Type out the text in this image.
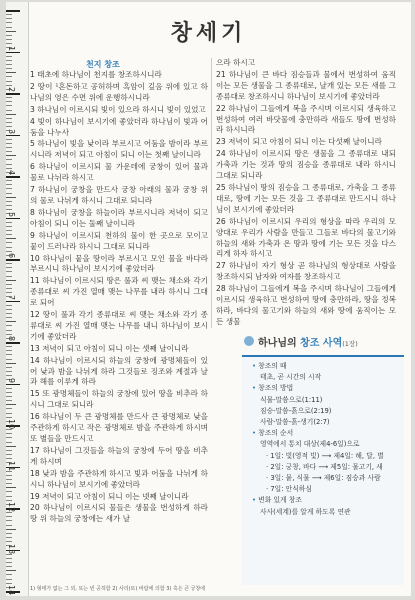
1
2
3
4
5
6
7
8
9
10
11
12
13
14
창세기
천지 창조

1 태초에 하나님이 천지를 창조하시니라

2 땅이 ¹혼돈하고 공허하며 흑암이 깊음 위에 있고 하나님의 영은 수면 위에 운행하시니라

3 하나님이 이르시되 빛이 있으라 하시니 빛이 있었고

4 빛이 하나님이 보시기에 좋았더라 하나님이 빛과 어둠을 나누사

5 하나님이 빛을 낮이라 부르시고 어둠을 밤이라 부르시니라 저녁이 되고 아침이 되니 이는 첫째 날이니라

6 하나님이 이르시되 물 가운데에 궁창이 있어 물과 물로 나뉘라 하시고

7 하나님이 궁창을 만드사 궁창 아래의 물과 궁창 위의 물로 나뉘게 하시니 그대로 되니라

8 하나님이 궁창을 하늘이라 부르시니라 저녁이 되고 아침이 되니 이는 둘째 날이니라

9 하나님이 이르시되 천하의 물이 한 곳으로 모이고 뭍이 드러나라 하시니 그대로 되니라

10 하나님이 뭍을 땅이라 부르시고 모인 물을 바다라 부르시니 하나님이 보시기에 좋았더라

11 하나님이 이르시되 땅은 풀과 씨 맺는 채소와 각기 종류대로 씨 가진 열매 맺는 나무를 내라 하시니 그대로 되어

12 땅이 풀과 각기 종류대로 씨 맺는 채소와 각기 종류대로 씨 가진 열매 맺는 나무를 내니 하나님이 보시기에 좋았더라

13 저녁이 되고 아침이 되니 이는 셋째 날이니라

14 하나님이 이르시되 하늘의 궁창에 광명체들이 있어 낮과 밤을 나뉘게 하라 그것들로 징조와 계절과 날과 해를 이루게 하라

15 또 광명체들이 하늘의 궁창에 있어 땅을 비추라 하시니 그대로 되니라

16 하나님이 두 큰 광명체를 만드사 큰 광명체로 낮을 주관하게 하시고 작은 광명체로 밤을 주관하게 하시며 또 별들을 만드시고

17 하나님이 그것들을 하늘의 궁창에 두어 땅을 비추게 하시며

18 낮과 밤을 주관하게 하시고 빛과 어둠을 나뉘게 하시니 하나님이 보시기에 좋았더라

19 저녁이 되고 아침이 되니 이는 넷째 날이니라

20 하나님이 이르시되 물들은 생물을 번성하게 하라 땅 위 하늘의 궁창에는 새가 날

으라 하시고

21 하나님이 큰 바다 짐승들과 물에서 번성하여 움직이는 모든 생물을 그 종류대로, 날개 있는 모든 새를 그 종류대로 창조하시니 하나님이 보시기에 좋았더라

22 하나님이 그들에게 복을 주시며 이르시되 생육하고 번성하여 여러 바닷물에 충만하라 새들도 땅에 번성하라 하시니라

23 저녁이 되고 아침이 되니 이는 다섯째 날이니라

24 하나님이 이르시되 땅은 생물을 그 종류대로 내되 가축과 기는 것과 땅의 짐승을 종류대로 내라 하시니 그대로 되니라

25 하나님이 땅의 짐승을 그 종류대로, 가축을 그 종류대로, 땅에 기는 모든 것을 그 종류대로 만드시니 하나님이 보시기에 좋았더라

26 하나님이 이르시되 우리의 형상을 따라 우리의 모양대로 우리가 사람을 만들고 그들로 바다의 물고기와 하늘의 새와 가축과 온 땅과 땅에 기는 모든 것을 다스리게 하자 하시고

27 하나님이 자기 형상 곧 하나님의 형상대로 사람을 창조하시되 남자와 여자를 창조하시고

28 하나님이 그들에게 복을 주시며 하나님이 그들에게 이르시되 생육하고 번성하여 땅에 충만하라, 땅을 정복하라, 바다의 물고기와 하늘의 새와 땅에 움직이는 모든 생물

하나님의 창조 사역(1장)
• 창조의 때
태초, 곧 시간의 시작
• 창조의 방법
식물-말씀으로(1:11)
짐승-말씀-흙으로(2:19)
사람-말씀-흙-생기(2:7)
• 창조의 순서
영역에서 통치 대상(제4-6일)으로
· 1일: 빛(영적 빛) ⟶ 제4일: 해, 달, 별
· 2일: 궁창, 바다 ⟶ 제5일: 물고기, 새
· 3일: 뭍, 식물 ⟶ 제6일: 짐승과 사람
· 7일: 안식하심
• 변화 있게 창조
사사(세계)를 알게 하도록 연관
1) 형태가 없는 그 외, 또는 빈 공허함 2) 사리(또) 바람에 의함 3) 혹은 큰 궁창에
